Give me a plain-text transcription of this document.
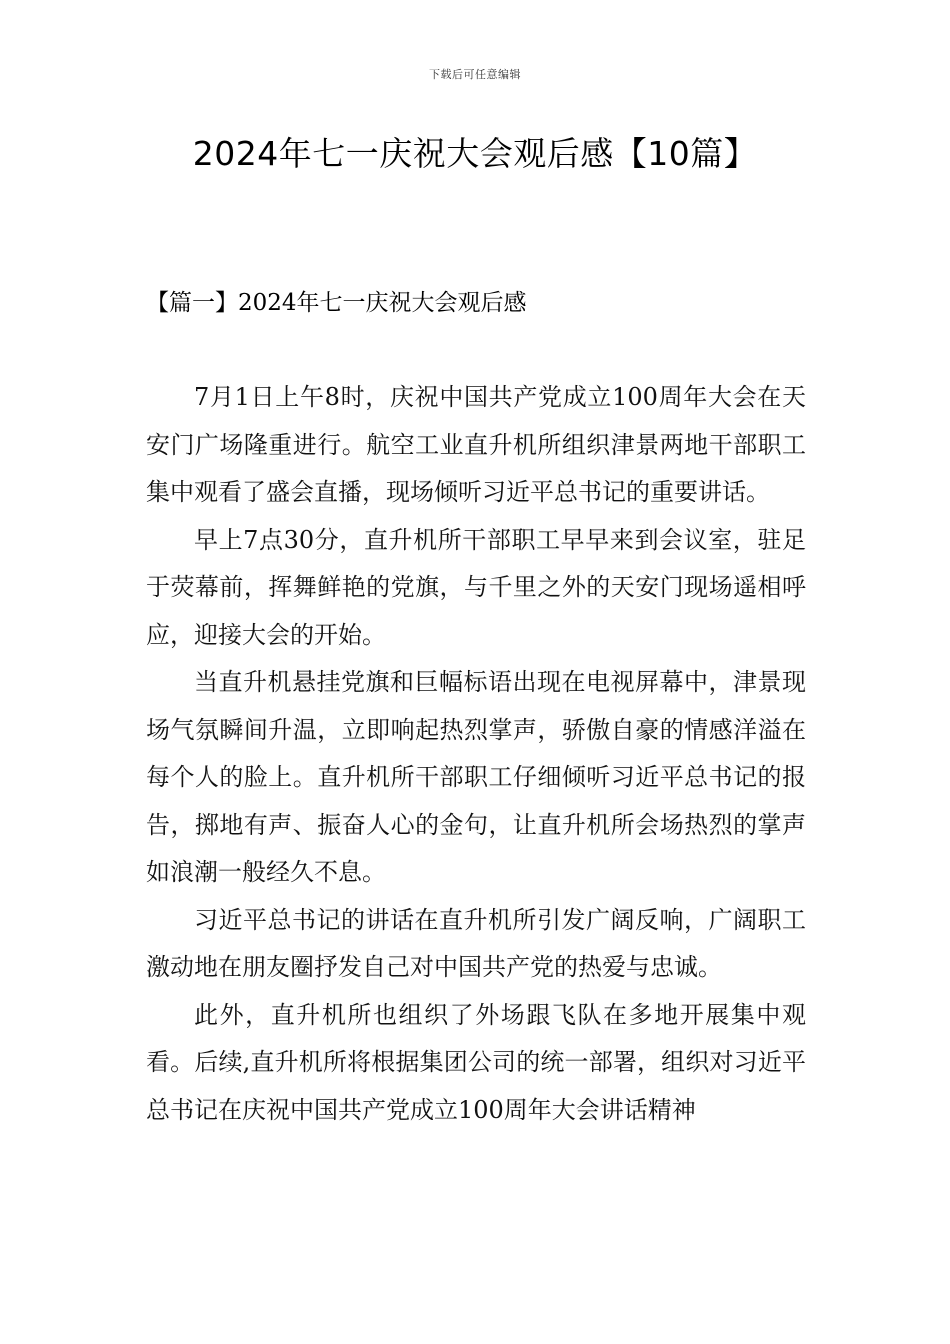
下载后可任意编辑
2024年七一庆祝大会观后感【10篇】
【篇一】2024年七一庆祝大会观后感

7月1日上午8时，庆祝中国共产党成立100周年大会在天安门广场隆重进行。航空工业直升机所组织津景两地干部职工集中观看了盛会直播，现场倾听习近平总书记的重要讲话。

早上7点30分，直升机所干部职工早早来到会议室，驻足于荧幕前，挥舞鲜艳的党旗，与千里之外的天安门现场遥相呼应，迎接大会的开始。

当直升机悬挂党旗和巨幅标语出现在电视屏幕中，津景现场气氛瞬间升温，立即响起热烈掌声，骄傲自豪的情感洋溢在每个人的脸上。直升机所干部职工仔细倾听习近平总书记的报告，掷地有声、振奋人心的金句，让直升机所会场热烈的掌声如浪潮一般经久不息。

习近平总书记的讲话在直升机所引发广阔反响，广阔职工激动地在朋友圈抒发自己对中国共产党的热爱与忠诚。

此外，直升机所也组织了外场跟飞队在多地开展集中观看。后续,直升机所将根据集团公司的统一部署，组织对习近平总书记在庆祝中国共产党成立100周年大会讲话精神
